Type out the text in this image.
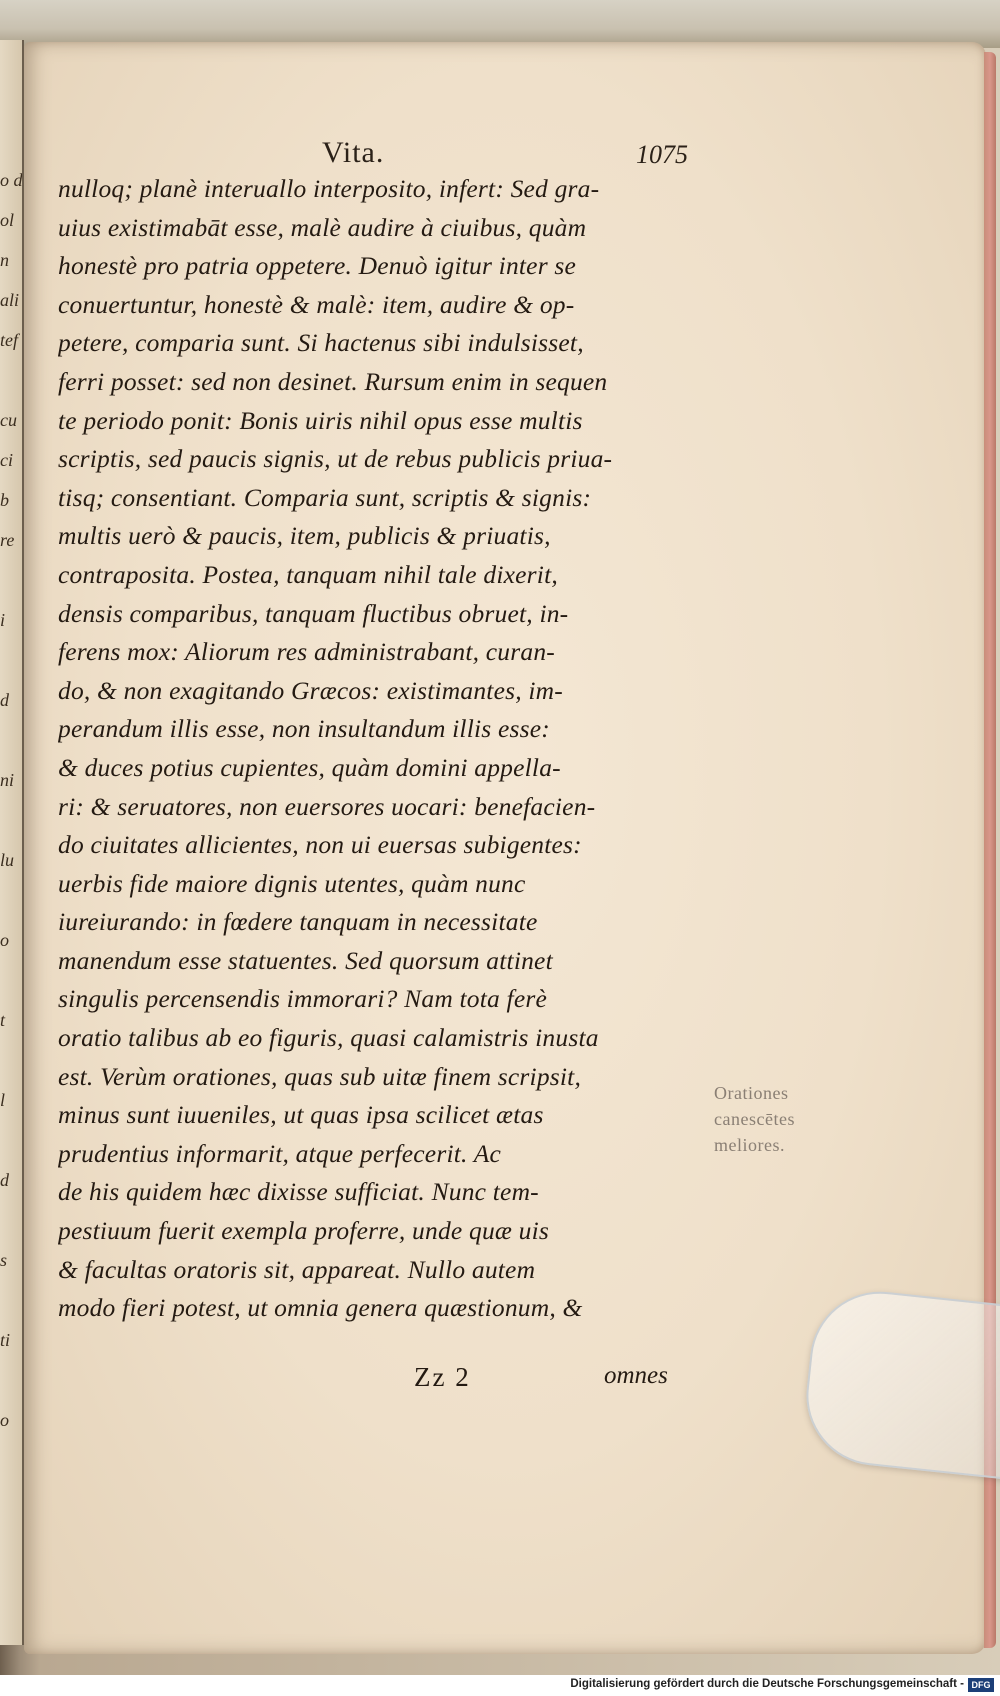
o d
ol
n
ali
tef
cu
ci
b
re
i
d
ni
lu
o
t
l
d
s
ti
o
Vita.	1075
nulloq; planè interuallo interposito, infert: Sed gra-
uius existimabāt esse, malè audire à ciuibus, quàm
honestè pro patria oppetere. Denuò igitur inter se
conuertuntur, honestè & malè: item, audire & op-
petere, comparia sunt. Si hactenus sibi indulsisset,
ferri posset: sed non desinet. Rursum enim in sequen
te periodo ponit: Bonis uiris nihil opus esse multis
scriptis, sed paucis signis, ut de rebus publicis priua-
tisq; consentiant. Comparia sunt, scriptis & signis:
multis uerò & paucis, item, publicis & priuatis,
contraposita. Postea, tanquam nihil tale dixerit,
densis comparibus, tanquam fluctibus obruet, in-
ferens mox: Aliorum res administrabant, curan-
do, & non exagitando Græcos: existimantes, im-
perandum illis esse, non insultandum illis esse:
& duces potius cupientes, quàm domini appella-
ri: & seruatores, non euersores uocari: benefacien-
do ciuitates allicientes, non ui euersas subigentes:
uerbis fide maiore dignis utentes, quàm nunc
iureiurando: in fœdere tanquam in necessitate
manendum esse statuentes. Sed quorsum attinet
singulis percensendis immorari? Nam tota ferè
oratio talibus ab eo figuris, quasi calamistris inusta
est. Verùm orationes, quas sub uitæ finem scripsit,
minus sunt iuueniles, ut quas ipsa scilicet ætas
prudentius informarit, atque perfecerit. Ac
de his quidem hæc dixisse sufficiat. Nunc tem-
pestiuum fuerit exempla proferre, unde quæ uis
& facultas oratoris sit, appareat. Nullo autem
modo fieri potest, ut omnia genera quæstionum, &
Zz 2	omnes
Orationes
canescētes
meliores.
Digitalisierung gefördert durch die Deutsche Forschungsgemeinschaft - DFG
